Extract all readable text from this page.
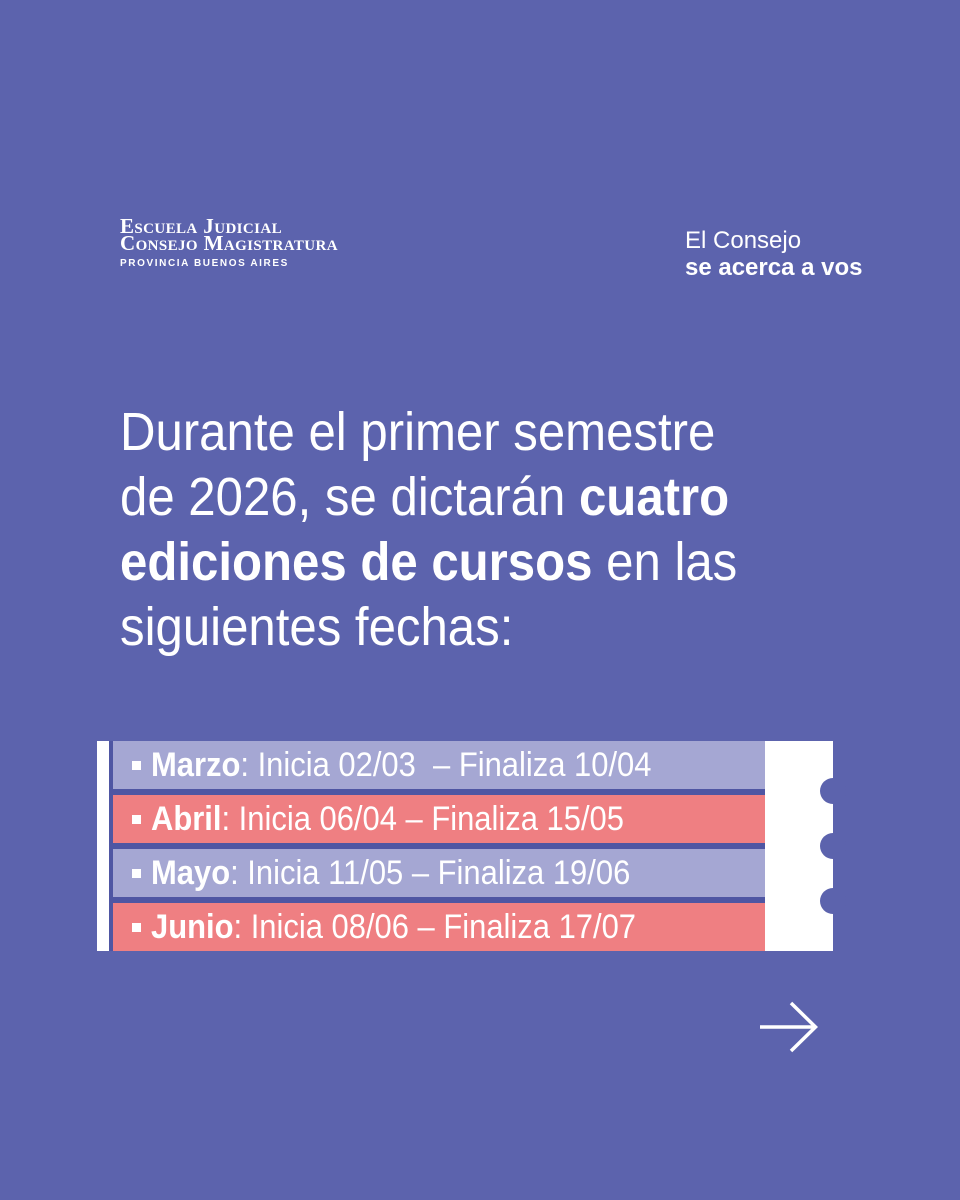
Escuela Judicial
Consejo Magistratura
PROVINCIA BUENOS AIRES
El Consejo
se acerca a vos
Durante el primer semestre
de 2026, se dictarán cuatro
ediciones de cursos en las
siguientes fechas:
Marzo: Inicia 02/03  – Finaliza 10/04
Abril: Inicia 06/04 – Finaliza 15/05
Mayo: Inicia 11/05 – Finaliza 19/06
Junio: Inicia 08/06 – Finaliza 17/07
